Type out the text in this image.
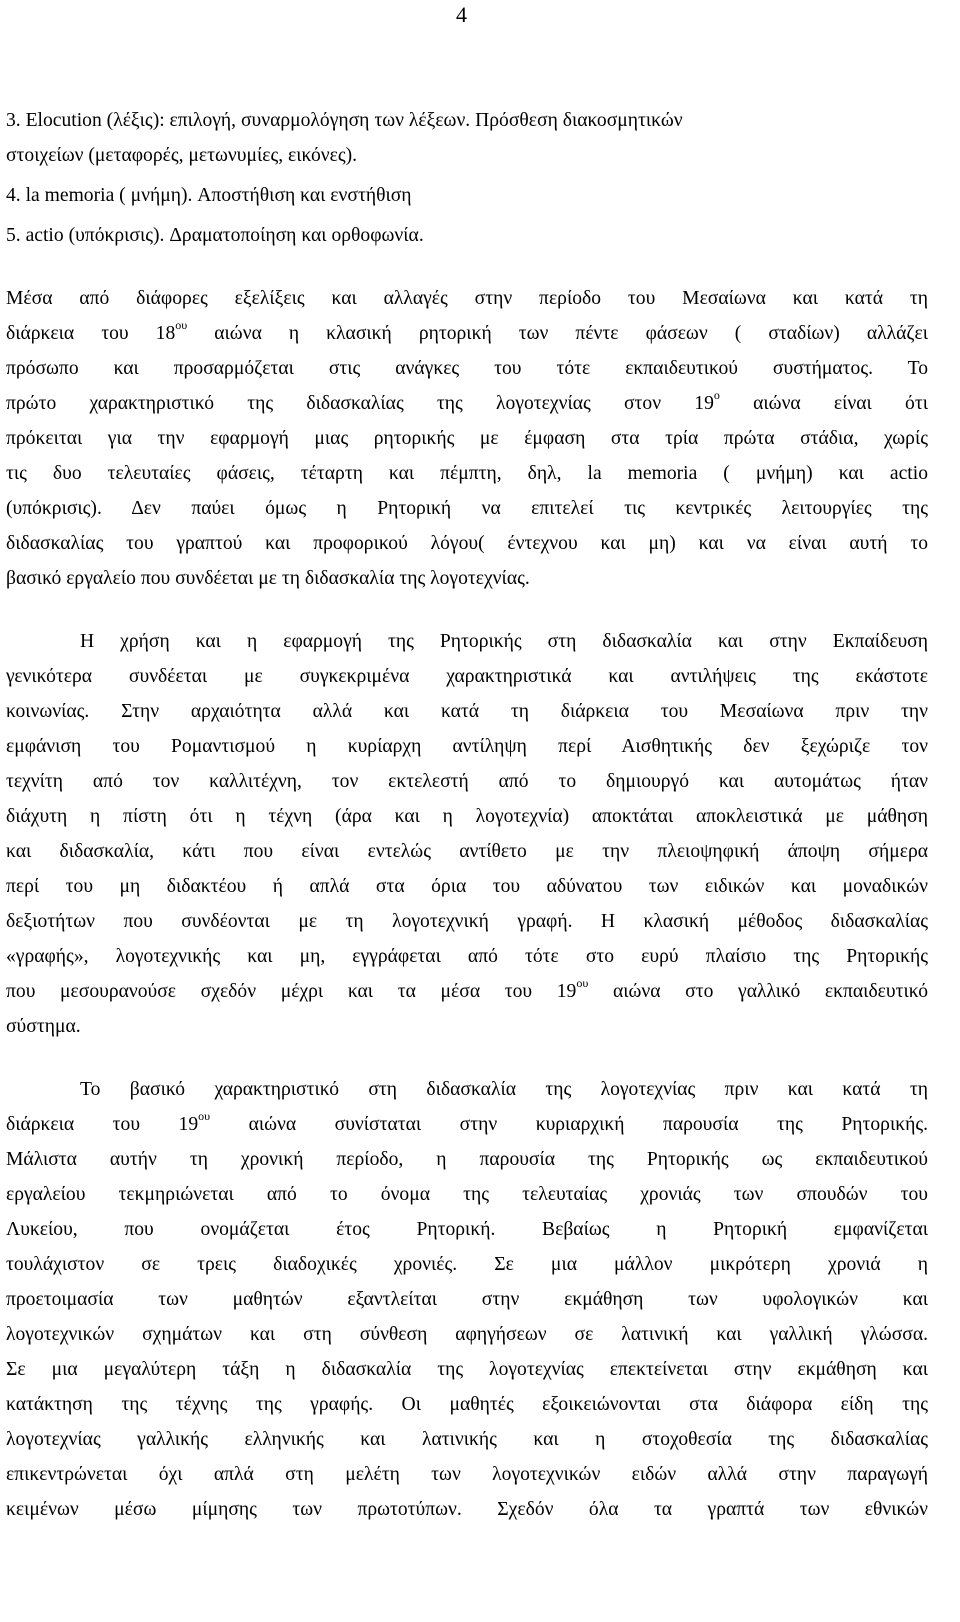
4
3. Elocution (λέξις): επιλογή, συναρμολόγηση των λέξεων. Πρόσθεση διακοσμητικών
στοιχείων (μεταφορές, μετωνυμίες, εικόνες).
4. la memoria ( μνήμη). Αποστήθιση και ενστήθιση
5. actio (υπόκρισις). Δραματοποίηση και ορθοφωνία.
Μέσα από διάφορες εξελίξεις και αλλαγές στην περίοδο του Μεσαίωνα και κατά τη
διάρκεια του $18^{o\upsilon}$ αιώνα η κλασική ρητορική των πέντε φάσεων ( σταδίων) αλλάζει
πρόσωπο και προσαρμόζεται στις ανάγκες του τότε εκπαιδευτικού συστήματος. Το
πρώτο χαρακτηριστικό της διδασκαλίας της λογοτεχνίας στον $19^o$ αιώνα είναι ότι
πρόκειται για την εφαρμογή μιας ρητορικής με έμφαση στα τρία πρώτα στάδια, χωρίς
τις δυο τελευταίες φάσεις, τέταρτη και πέμπτη, δηλ, la memoria ( μνήμη) και actio
(υπόκρισις). Δεν παύει όμως η Ρητορική να επιτελεί τις κεντρικές λειτουργίες της
διδασκαλίας του γραπτού και προφορικού λόγου( έντεχνου και μη) και να είναι αυτή το
βασικό εργαλείο που συνδέεται με τη διδασκαλία της λογοτεχνίας.
Η χρήση και η εφαρμογή της Ρητορικής στη διδασκαλία και στην Εκπαίδευση
γενικότερα συνδέεται με συγκεκριμένα χαρακτηριστικά και αντιλήψεις της εκάστοτε
κοινωνίας. Στην αρχαιότητα αλλά και κατά τη διάρκεια του Μεσαίωνα πριν την
εμφάνιση του Ρομαντισμού η κυρίαρχη αντίληψη περί Αισθητικής δεν ξεχώριζε τον
τεχνίτη από τον καλλιτέχνη, τον εκτελεστή από το δημιουργό και αυτομάτως ήταν
διάχυτη η πίστη ότι η τέχνη (άρα και η λογοτεχνία) αποκτάται αποκλειστικά με μάθηση
και διδασκαλία, κάτι που είναι εντελώς αντίθετο με την πλειοψηφική άποψη σήμερα
περί του μη διδακτέου ή απλά στα όρια του αδύνατου των ειδικών και μοναδικών
δεξιοτήτων που συνδέονται με τη λογοτεχνική γραφή. Η κλασική μέθοδος διδασκαλίας
«γραφής», λογοτεχνικής και μη, εγγράφεται από τότε στο ευρύ πλαίσιο της Ρητορικής
που μεσουρανούσε σχεδόν μέχρι και τα μέσα του $19^{o\upsilon}$ αιώνα στο γαλλικό εκπαιδευτικό
σύστημα.
Το βασικό χαρακτηριστικό στη διδασκαλία της λογοτεχνίας πριν και κατά τη
διάρκεια του $19^{o\upsilon}$ αιώνα συνίσταται στην κυριαρχική παρουσία της Ρητορικής.
Μάλιστα αυτήν τη χρονική περίοδο, η παρουσία της Ρητορικής ως εκπαιδευτικού
εργαλείου τεκμηριώνεται από το όνομα της τελευταίας χρονιάς των σπουδών του
Λυκείου, που ονομάζεται έτος Ρητορική. Βεβαίως η Ρητορική εμφανίζεται
τουλάχιστον σε τρεις διαδοχικές χρονιές. Σε μια μάλλον μικρότερη χρονιά η
προετοιμασία των μαθητών εξαντλείται στην εκμάθηση των υφολογικών και
λογοτεχνικών σχημάτων και στη σύνθεση αφηγήσεων σε λατινική και γαλλική γλώσσα.
Σε μια μεγαλύτερη τάξη η διδασκαλία της λογοτεχνίας επεκτείνεται στην εκμάθηση και
κατάκτηση της τέχνης της γραφής. Οι μαθητές εξοικειώνονται στα διάφορα είδη της
λογοτεχνίας γαλλικής ελληνικής και λατινικής και η στοχοθεσία της διδασκαλίας
επικεντρώνεται όχι απλά στη μελέτη των λογοτεχνικών ειδών αλλά στην παραγωγή
κειμένων μέσω μίμησης των πρωτοτύπων. Σχεδόν όλα τα γραπτά των εθνικών
